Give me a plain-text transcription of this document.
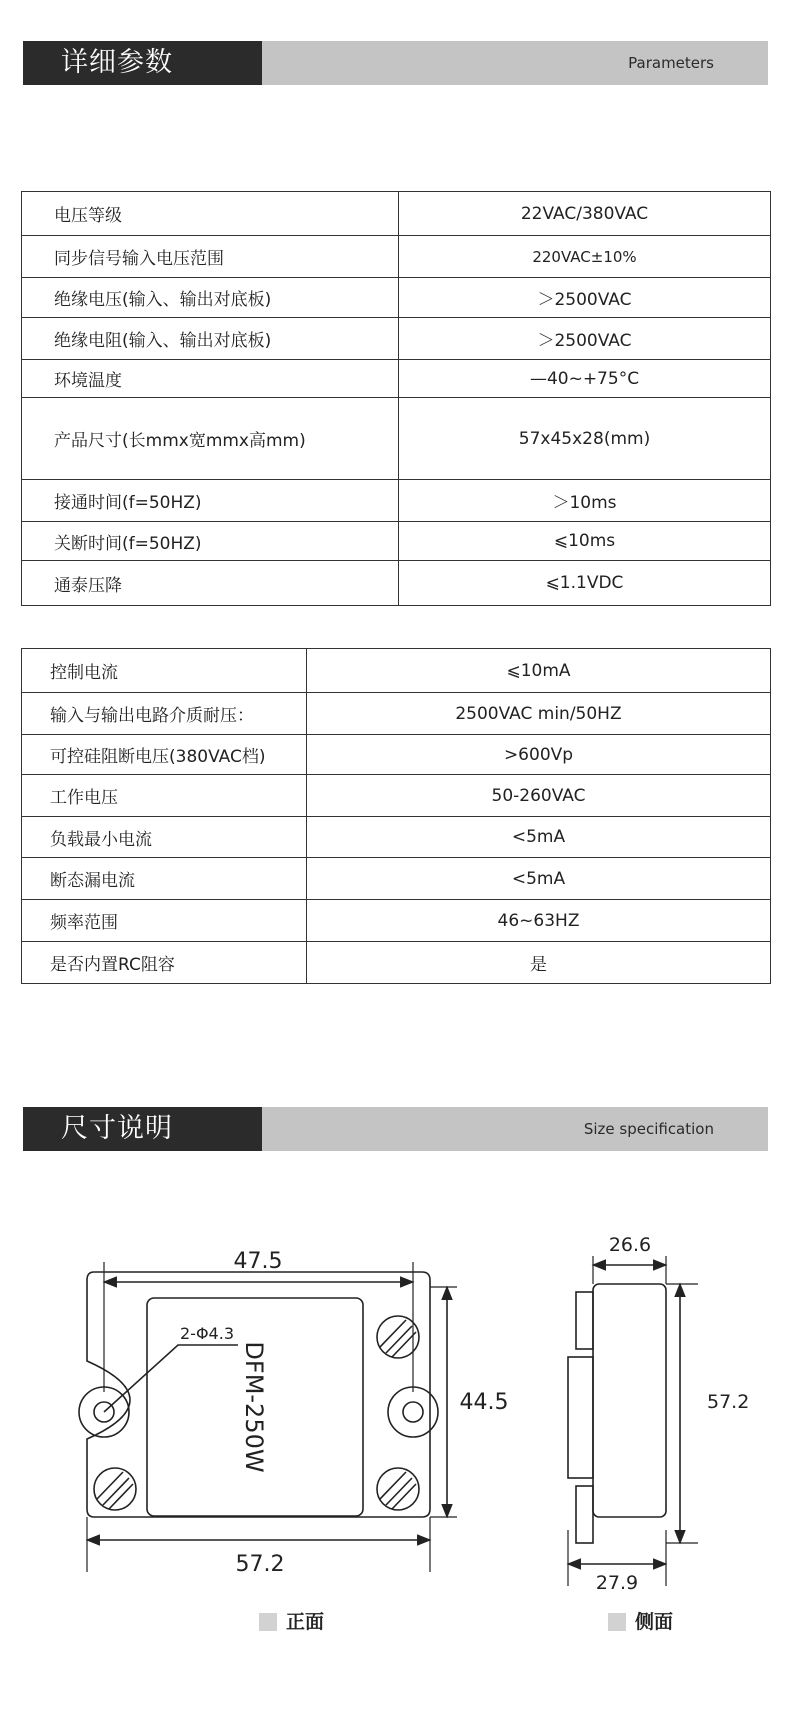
详细参数	Parameters
电压等级	22VAC/380VAC
同步信号输入电压范围	220VAC±10%
绝缘电压(输入、输出对底板)	＞2500VAC
绝缘电阻(输入、输出对底板)	＞2500VAC
环境温度	—40~+75°C
产品尺寸(长mmx宽mmx高mm)	57x45x28(mm)
接通时间(f=50HZ)	＞10ms
关断时间(f=50HZ)	⩽10ms
通泰压降	⩽1.1VDC
控制电流	⩽10mA
输入与输出电路介质耐压：	2500VAC min/50HZ
可控硅阻断电压(380VAC档)	>600Vp
工作电压	50-260VAC
负载最小电流	<5mA
断态漏电流	<5mA
频率范围	46~63HZ
是否内置RC阻容	是
尺寸说明	Size specification
47.5
44.5
57.2
2-Φ4.3
DFM-250W
26.6
57.2
27.9
正面	侧面
